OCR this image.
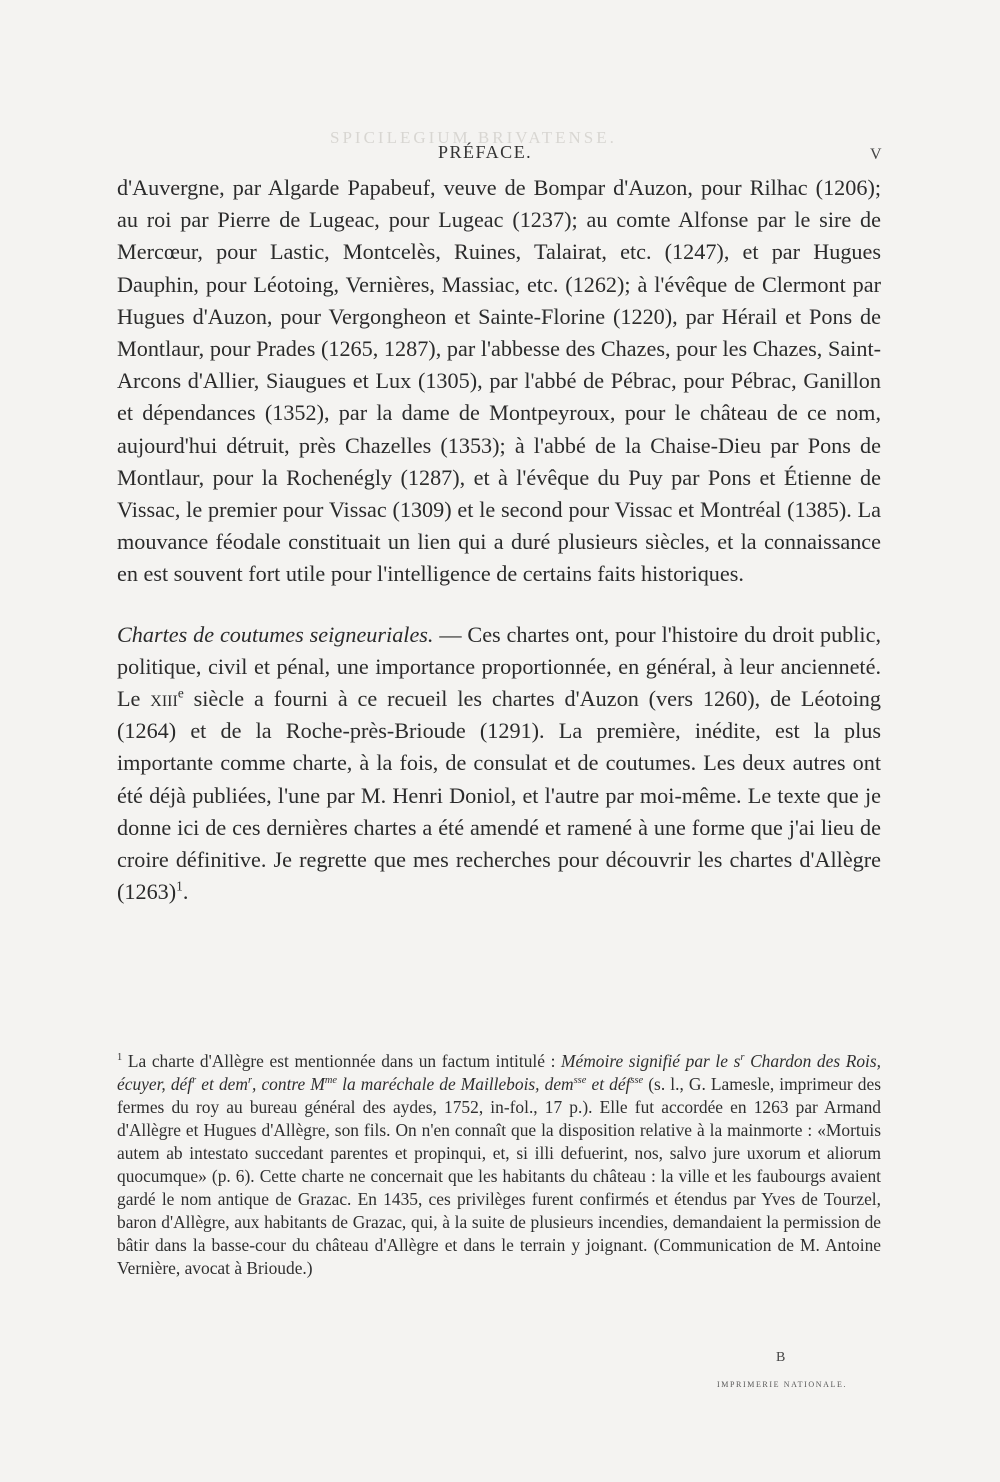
SPICILEGIUM BRIVATENSE.
PRÉFACE.	V

d'Auvergne, par Algarde Papabeuf, veuve de Bompar d'Auzon, pour Rilhac (1206); au roi par Pierre de Lugeac, pour Lugeac (1237); au comte Alfonse par le sire de Mercœur, pour Lastic, Montcelès, Ruines, Talairat, etc. (1247), et par Hugues Dauphin, pour Léotoing, Vernières, Massiac, etc. (1262); à l'évêque de Clermont par Hugues d'Auzon, pour Vergongheon et Sainte-Florine (1220), par Hérail et Pons de Montlaur, pour Prades (1265, 1287), par l'abbesse des Chazes, pour les Chazes, Saint-Arcons d'Allier, Siaugues et Lux (1305), par l'abbé de Pébrac, pour Pébrac, Ganillon et dépendances (1352), par la dame de Montpeyroux, pour le château de ce nom, aujourd'hui détruit, près Chazelles (1353); à l'abbé de la Chaise-Dieu par Pons de Montlaur, pour la Rochenégly (1287), et à l'évêque du Puy par Pons et Étienne de Vissac, le premier pour Vissac (1309) et le second pour Vissac et Montréal (1385). La mouvance féodale constituait un lien qui a duré plusieurs siècles, et la connaissance en est souvent fort utile pour l'intelligence de certains faits historiques.

Chartes de coutumes seigneuriales. — Ces chartes ont, pour l'histoire du droit public, politique, civil et pénal, une importance proportionnée, en général, à leur ancienneté. Le xiii$^e$ siècle a fourni à ce recueil les chartes d'Auzon (vers 1260), de Léotoing (1264) et de la Roche-près-Brioude (1291). La première, inédite, est la plus importante comme charte, à la fois, de consulat et de coutumes. Les deux autres ont été déjà publiées, l'une par M. Henri Doniol, et l'autre par moi-même. Le texte que je donne ici de ces dernières chartes a été amendé et ramené à une forme que j'ai lieu de croire définitive. Je regrette que mes recherches pour découvrir les chartes d'Allègre $(1263)^1$.

$^1$ La charte d'Allègre est mentionnée dans un factum intitulé : Mémoire signifié par le $s^r$ Chardon des Rois, écuyer, déf$^r$ et dem$^r$, contre $M^{me}$ la maréchale de Maillebois, dem$^{sse}$ et déf$^{sse}$ (s. l., G. Lamesle, imprimeur des fermes du roy au bureau général des aydes, 1752, in-fol., 17 p.). Elle fut accordée en 1263 par Armand d'Allègre et Hugues d'Allègre, son fils. On n'en connaît que la disposition relative à la mainmorte : «Mortuis autem ab intestato succedant parentes et propinqui, et, si illi defuerint, nos, salvo jure uxorum et aliorum quocumque» (p. 6). Cette charte ne concernait que les habitants du château : la ville et les faubourgs avaient gardé le nom antique de Grazac. En 1435, ces privilèges furent confirmés et étendus par Yves de Tourzel, baron d'Allègre, aux habitants de Grazac, qui, à la suite de plusieurs incendies, demandaient la permission de bâtir dans la basse-cour du château d'Allègre et dans le terrain y joignant. (Communication de M. Antoine Vernière, avocat à Brioude.)

B
IMPRIMERIE NATIONALE.
